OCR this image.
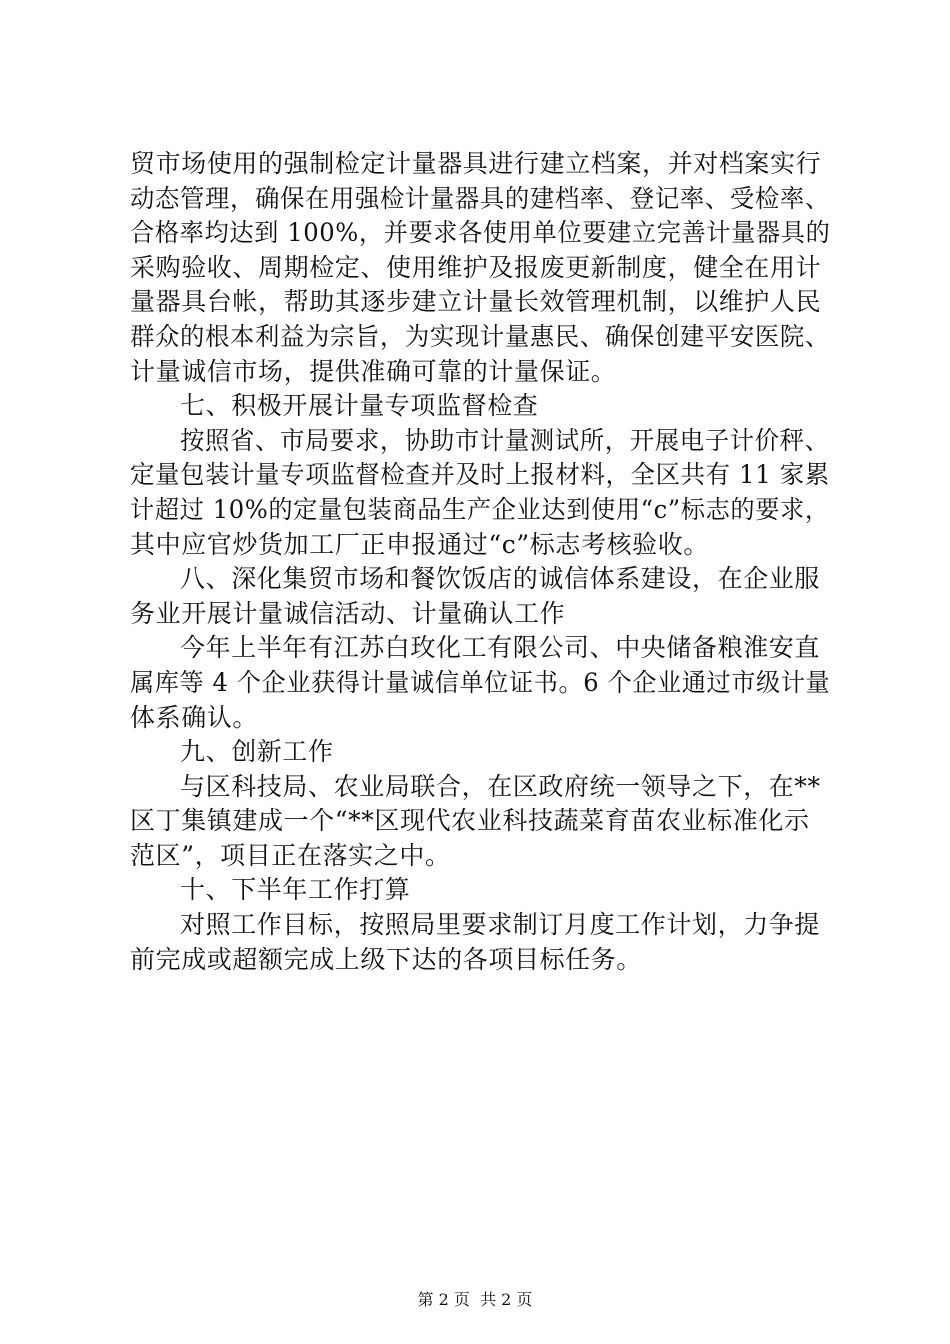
贸市场使用的强制检定计量器具进行建立档案，并对档案实行
动态管理，确保在用强检计量器具的建档率、登记率、受检率、
合格率均达到 100%，并要求各使用单位要建立完善计量器具的
采购验收、周期检定、使用维护及报废更新制度，健全在用计
量器具台帐，帮助其逐步建立计量长效管理机制，以维护人民
群众的根本利益为宗旨，为实现计量惠民、确保创建平安医院、
计量诚信市场，提供准确可靠的计量保证。
七、积极开展计量专项监督检查
按照省、市局要求，协助市计量测试所，开展电子计价秤、
定量包装计量专项监督检查并及时上报材料，全区共有 11 家累
计超过 10%的定量包装商品生产企业达到使用“c”标志的要求，
其中应官炒货加工厂正申报通过“c”标志考核验收。
八、深化集贸市场和餐饮饭店的诚信体系建设，在企业服
务业开展计量诚信活动、计量确认工作
今年上半年有江苏白玫化工有限公司、中央储备粮淮安直
属库等 4 个企业获得计量诚信单位证书。6 个企业通过市级计量
体系确认。
九、创新工作
与区科技局、农业局联合，在区政府统一领导之下，在**
区丁集镇建成一个“**区现代农业科技蔬菜育苗农业标准化示
范区”，项目正在落实之中。
十、下半年工作打算
对照工作目标，按照局里要求制订月度工作计划，力争提
前完成或超额完成上级下达的各项目标任务。
第 2 页  共 2 页
